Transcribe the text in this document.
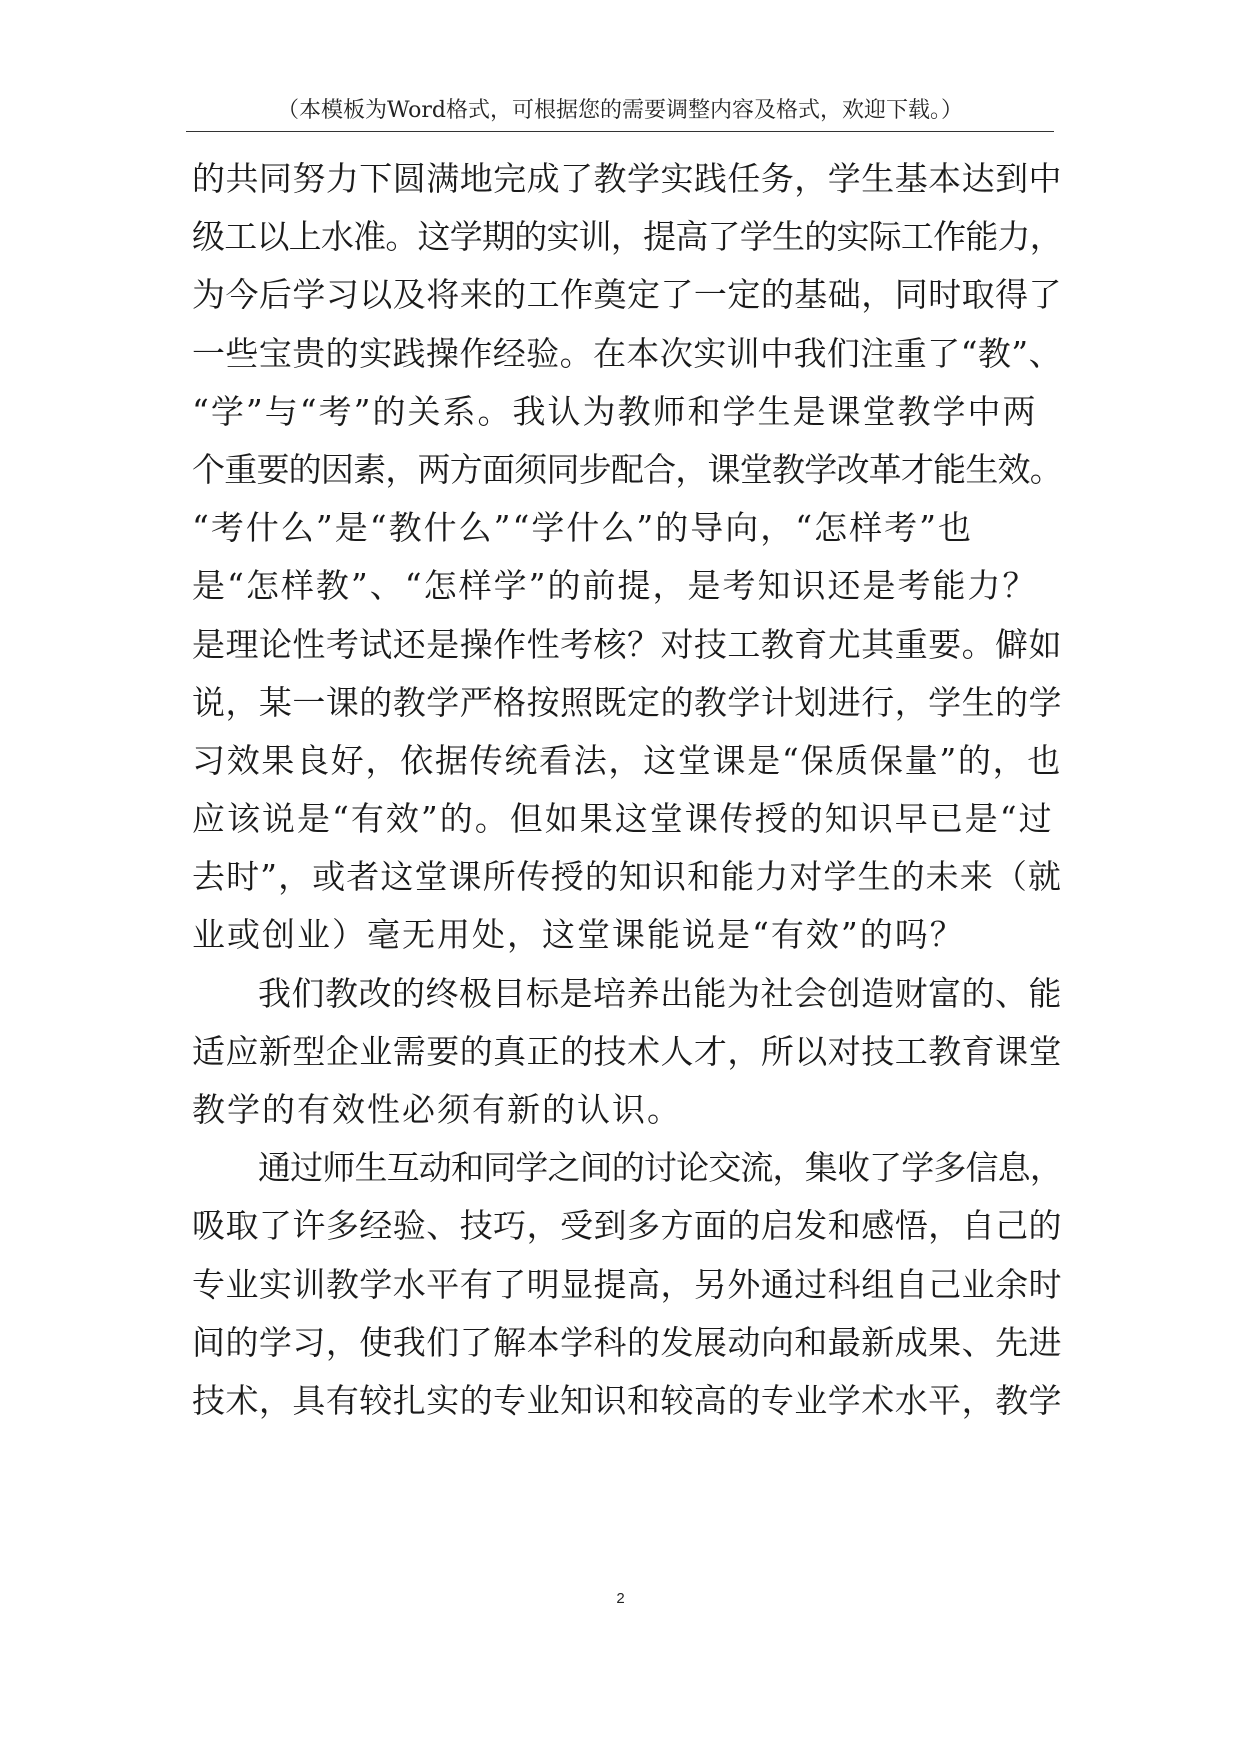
（本模板为Word格式，可根据您的需要调整内容及格式，欢迎下载。）
的共同努力下圆满地完成了教学实践任务，学生基本达到中
级工以上水准。这学期的实训，提高了学生的实际工作能力，
为今后学习以及将来的工作奠定了一定的基础，同时取得了
一些宝贵的实践操作经验。在本次实训中我们注重了“教”、
“学”与“考”的关系。我认为教师和学生是课堂教学中两
个重要的因素，两方面须同步配合，课堂教学改革才能生效。
“考什么”是“教什么”“学什么”的导向，“怎样考”也
是“怎样教”、“怎样学”的前提，是考知识还是考能力？
是理论性考试还是操作性考核？对技工教育尤其重要。僻如
说，某一课的教学严格按照既定的教学计划进行，学生的学
习效果良好，依据传统看法，这堂课是“保质保量”的，也
应该说是“有效”的。但如果这堂课传授的知识早已是“过
去时”，或者这堂课所传授的知识和能力对学生的未来（就
业或创业）毫无用处，这堂课能说是“有效”的吗？
我们教改的终极目标是培养出能为社会创造财富的、能
适应新型企业需要的真正的技术人才，所以对技工教育课堂
教学的有效性必须有新的认识。
通过师生互动和同学之间的讨论交流，集收了学多信息，
吸取了许多经验、技巧，受到多方面的启发和感悟，自己的
专业实训教学水平有了明显提高，另外通过科组自己业余时
间的学习，使我们了解本学科的发展动向和最新成果、先进
技术，具有较扎实的专业知识和较高的专业学术水平，教学
2
